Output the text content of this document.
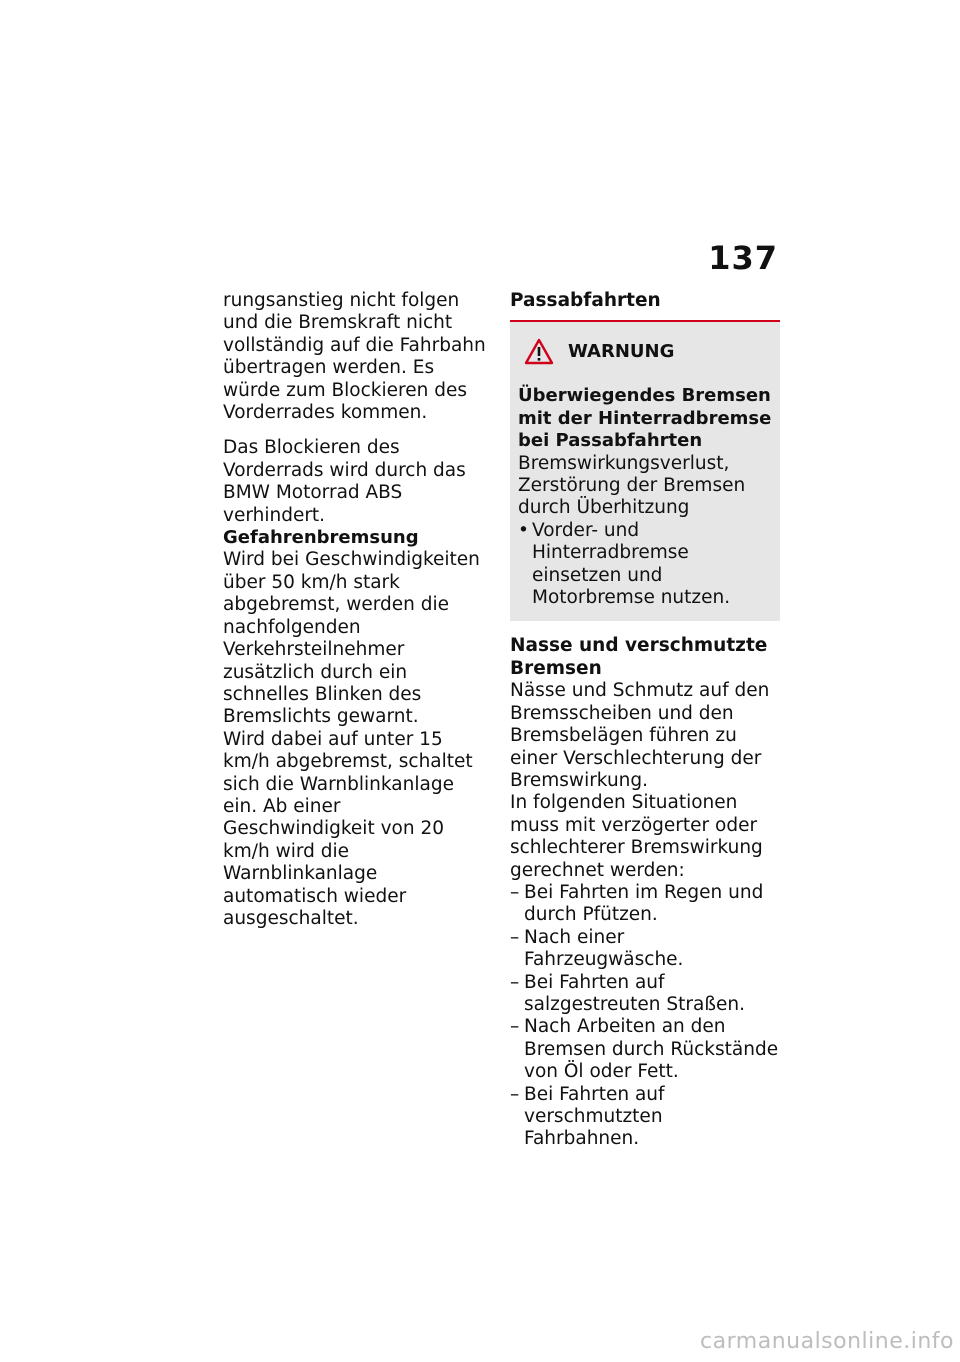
137

rungsanstieg nicht folgen und die Bremskraft nicht vollständig auf die Fahrbahn übertragen werden. Es würde zum Blockieren des Vorderrades kommen.

Das Blockieren des Vorderrads wird durch das BMW Motorrad ABS verhindert.

Gefahrenbremsung

Wird bei Geschwindigkeiten über 50 km/h stark abgebremst, werden die nachfolgenden Verkehrsteilnehmer zusätzlich durch ein schnelles Blinken des Bremslichts gewarnt.

Wird dabei auf unter 15 km/h abgebremst, schaltet sich die Warnblinkanlage ein. Ab einer Geschwindigkeit von 20 km/h wird die Warnblinkanlage automatisch wieder ausgeschaltet.

Passabfahrten

WARNUNG

Überwiegendes Bremsen mit der Hinterradbremse bei Passabfahrten

Bremswirkungsverlust, Zerstörung der Bremsen durch Überhitzung

• Vorder- und Hinterradbremse einsetzen und Motorbremse nutzen.

Nasse und verschmutzte Bremsen

Nässe und Schmutz auf den Bremsscheiben und den Bremsbelägen führen zu einer Verschlechterung der Bremswirkung.

In folgenden Situationen muss mit verzögerter oder schlechterer Bremswirkung gerechnet werden:

– Bei Fahrten im Regen und durch Pfützen.
– Nach einer Fahrzeugwäsche.
– Bei Fahrten auf salzgestreuten Straßen.
– Nach Arbeiten an den Bremsen durch Rückstände von Öl oder Fett.
– Bei Fahrten auf verschmutzten Fahrbahnen.
carmanualsonline.info
